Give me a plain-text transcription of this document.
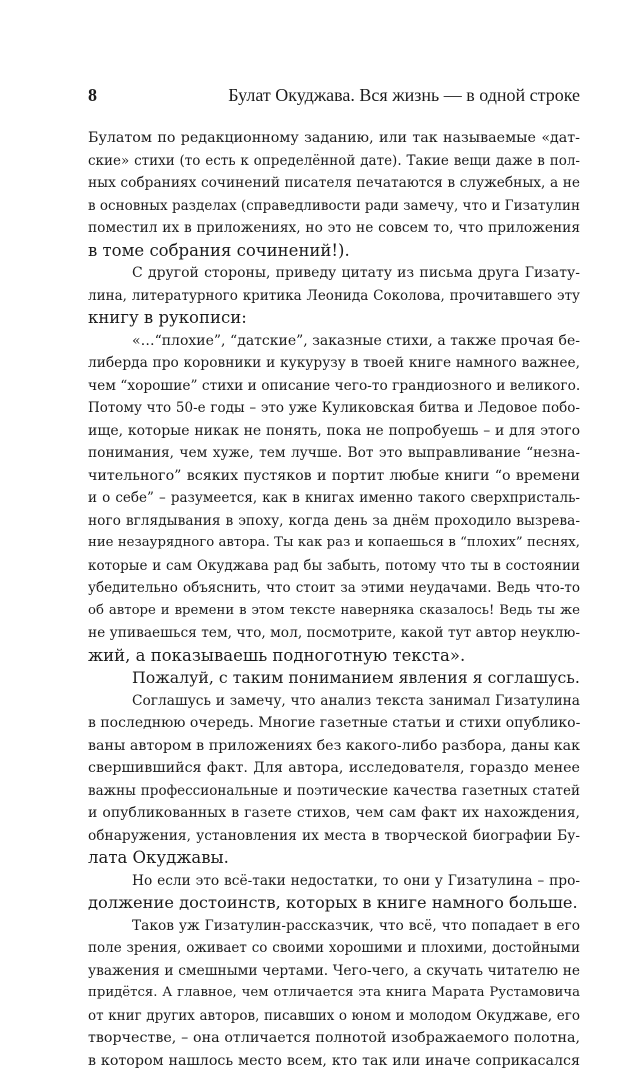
8	Булат Окуджава. Вся жизнь — в одной строке
Булатом по редакционному заданию, или так называемые «дат-
ские» стихи (то есть к определённой дате). Такие вещи даже в пол-
ных собраниях сочинений писателя печатаются в служебных, а не
в основных разделах (справедливости ради замечу, что и Гизатулин
поместил их в приложениях, но это не совсем то, что приложения
в томе собрания сочинений!).
С другой стороны, приведу цитату из письма друга Гизату-
лина, литературного критика Леонида Соколова, прочитавшего эту
книгу в рукописи:
«…“плохие”, “датские”, заказные стихи, а также прочая бе-
либерда про коровники и кукурузу в твоей книге намного важнее,
чем “хорошие” стихи и описание чего-то грандиозного и великого.
Потому что 50-е годы – это уже Куликовская битва и Ледовое побо-
ище, которые никак не понять, пока не попробуешь – и для этого
понимания, чем хуже, тем лучше. Вот это выправливание “незна-
чительного” всяких пустяков и портит любые книги “о времени
и о себе” – разумеется, как в книгах именно такого сверхпристаль-
ного вглядывания в эпоху, когда день за днём проходило вызрева-
ние незаурядного автора. Ты как раз и копаешься в “плохих” песнях,
которые и сам Окуджава рад бы забыть, потому что ты в состоянии
убедительно объяснить, что стоит за этими неудачами. Ведь что-то
об авторе и времени в этом тексте наверняка сказалось! Ведь ты же
не упиваешься тем, что, мол, посмотрите, какой тут автор неуклю-
жий, а показываешь подноготную текста».
Пожалуй, с таким пониманием явления я соглашусь.
Соглашусь и замечу, что анализ текста занимал Гизатулина
в последнюю очередь. Многие газетные статьи и стихи опублико-
ваны автором в приложениях без какого-либо разбора, даны как
свершившийся факт. Для автора, исследователя, гораздо менее
важны профессиональные и поэтические качества газетных статей
и опубликованных в газете стихов, чем сам факт их нахождения,
обнаружения, установления их места в творческой биографии Бу-
лата Окуджавы.
Но если это всё-таки недостатки, то они у Гизатулина – про-
должение достоинств, которых в книге намного больше.
Таков уж Гизатулин-рассказчик, что всё, что попадает в его
поле зрения, оживает со своими хорошими и плохими, достойными
уважения и смешными чертами. Чего-чего, а скучать читателю не
придётся. А главное, чем отличается эта книга Марата Рустамовича
от книг других авторов, писавших о юном и молодом Окуджаве, его
творчестве, – она отличается полнотой изображаемого полотна,
в котором нашлось место всем, кто так или иначе соприкасался
